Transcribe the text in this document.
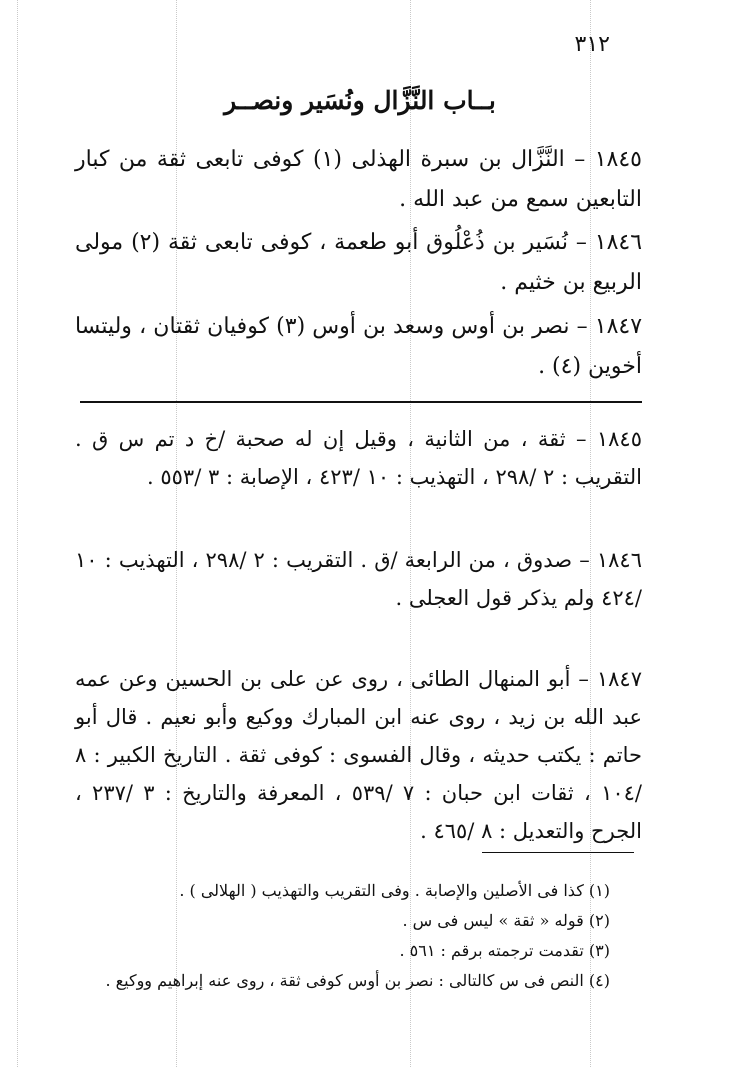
٣١٢
بــاب النَّزَّال ونُسَير ونصــر
١٨٤٥ – النَّزَّال بن سبرة الهذلى (١) كوفى تابعى ثقة من كبار التابعين سمع من عبد الله .
١٨٤٦ – نُسَير بن ذُعْلُوق أبو طعمة ، كوفى تابعى ثقة (٢) مولى الربيع بن خثيم .
١٨٤٧ – نصر بن أوس وسعد بن أوس (٣) كوفيان ثقتان ، وليتسا أخوين (٤) .
١٨٤٥ – ثقة ، من الثانية ، وقيل إن له صحبة /خ د تم س ق . التقريب : ٢ /٢٩٨ ، التهذيب : ١٠ /٤٢٣ ، الإصابة : ٣ /٥٥٣ .
١٨٤٦ – صدوق ، من الرابعة /ق . التقريب : ٢ /٢٩٨ ، التهذيب : ١٠ /٤٢٤ ولم يذكر قول العجلى .
١٨٤٧ – أبو المنهال الطائى ، روى عن على بن الحسين وعن عمه عبد الله بن زيد ، روى عنه ابن المبارك ووكيع وأبو نعيم . قال أبو حاتم : يكتب حديثه ، وقال الفسوى : كوفى ثقة . التاريخ الكبير : ٨ /١٠٤ ، ثقات ابن حبان : ٧ /٥٣٩ ، المعرفة والتاريخ : ٣ /٢٣٧ ، الجرح والتعديل : ٨ /٤٦٥ .
(١) كذا فى الأصلين والإصابة . وفى التقريب والتهذيب ( الهلالى ) .
(٢) قوله « ثقة » ليس فى س .
(٣) تقدمت ترجمته برقم : ٥٦١ .
(٤) النص فى س كالتالى : نصر بن أوس كوفى ثقة ، روى عنه إبراهيم ووكيع .
